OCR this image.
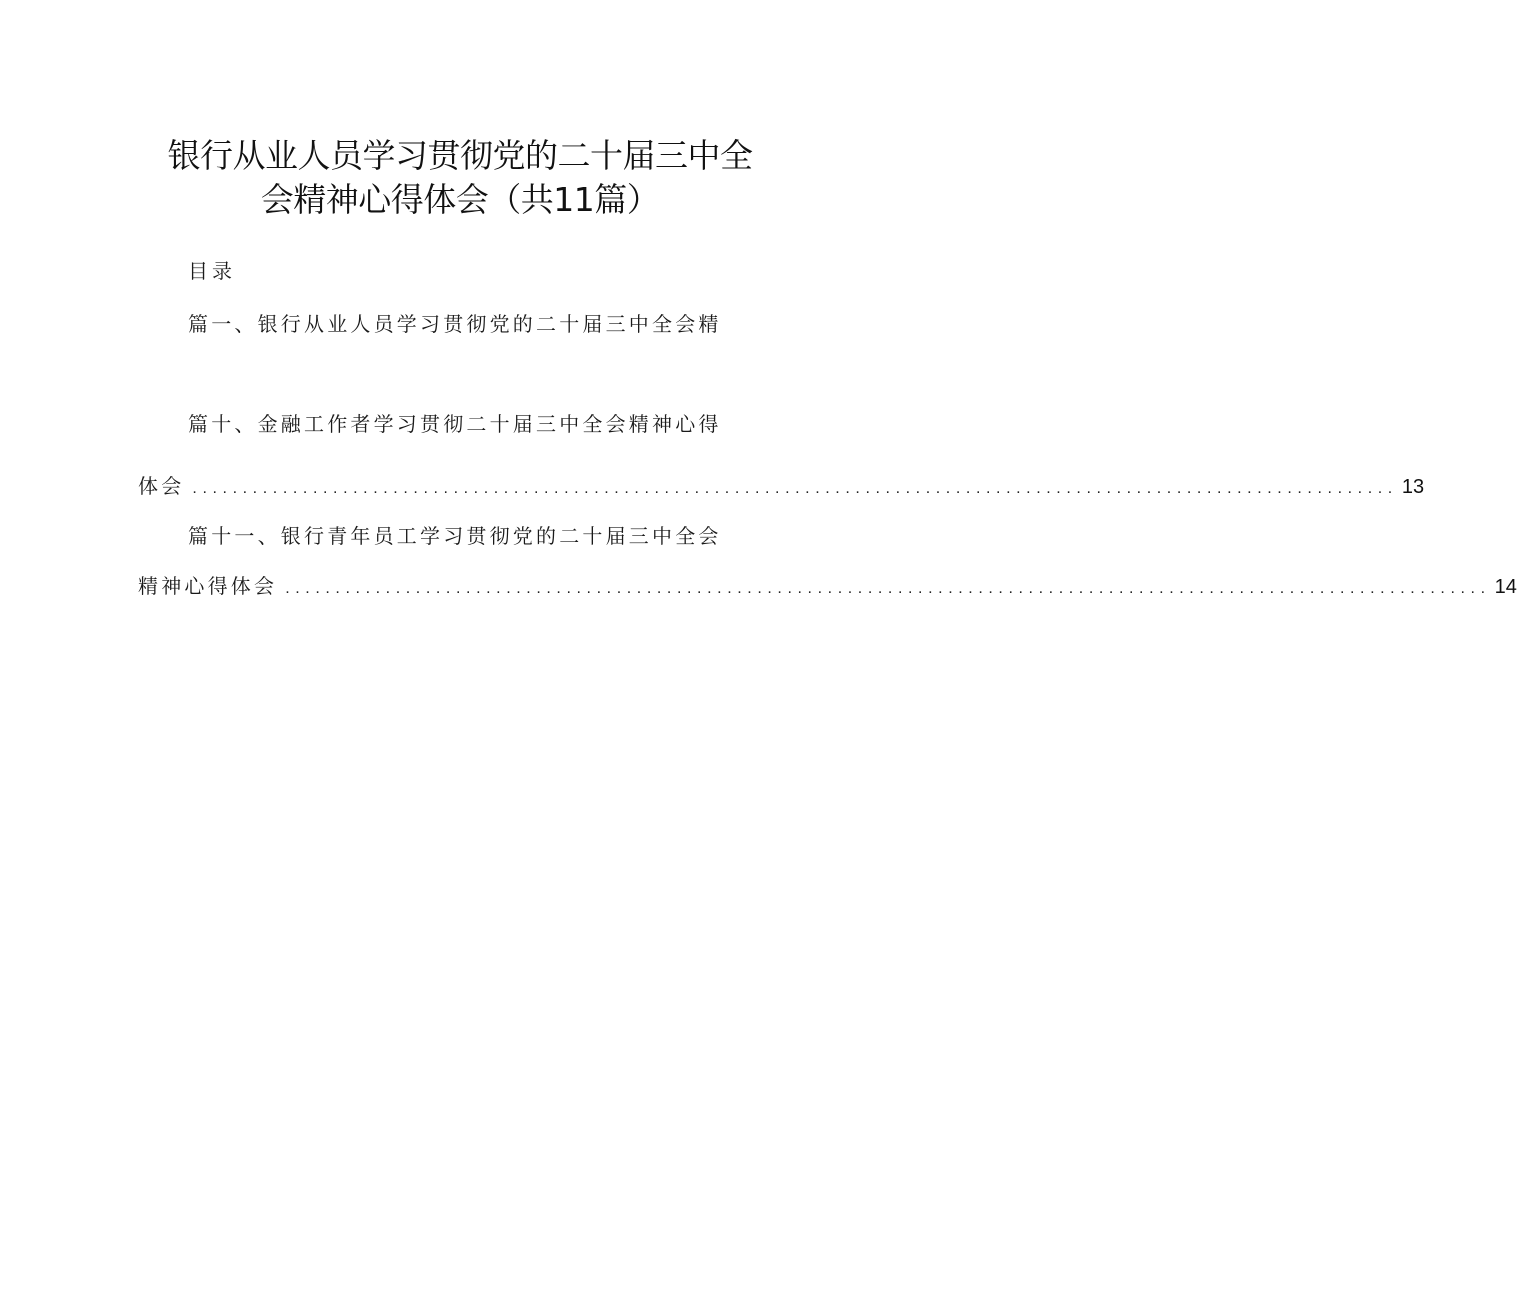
银行从业人员学习贯彻党的二十届三中全
会精神心得体会（共11篇）
目录
篇一、银行从业人员学习贯彻党的二十届三中全会精
篇十、金融工作者学习贯彻二十届三中全会精神心得
体会 ........................................................................................................................ 13
篇十一、银行青年员工学习贯彻党的二十届三中全会
精神心得体会 ........................................................................................................................ 14
